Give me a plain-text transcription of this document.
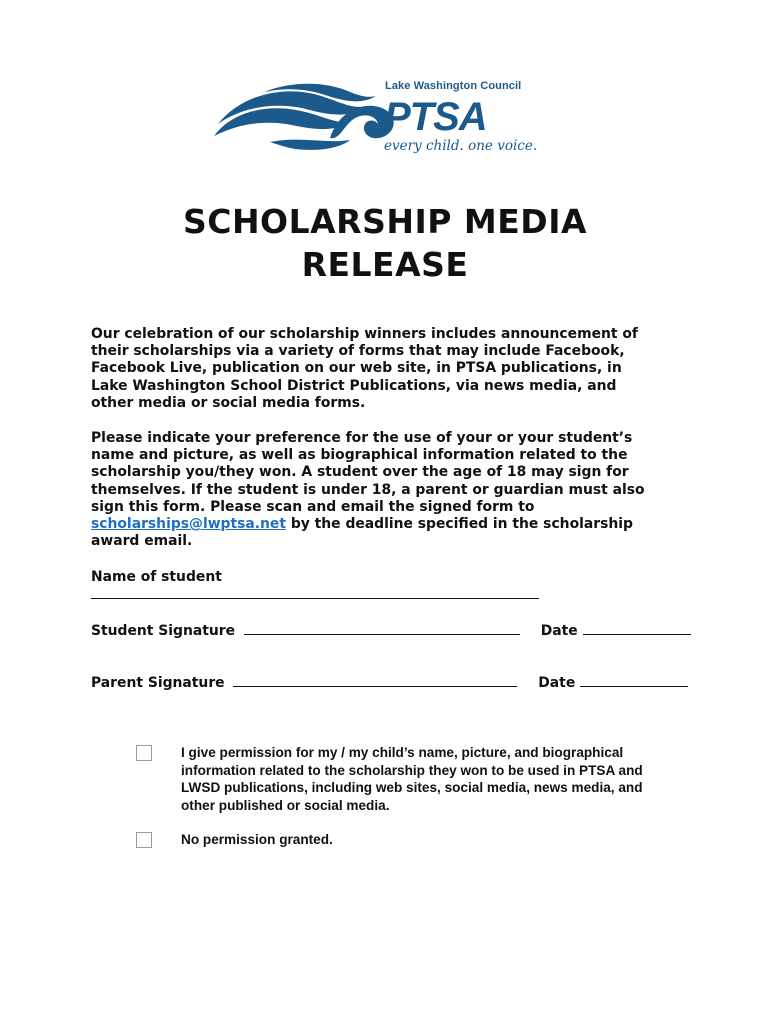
PTSA
Lake Washington Council
every child. one voice.
SCHOLARSHIP MEDIA
RELEASE
Our celebration of our scholarship winners includes announcement of
their scholarships via a variety of forms that may include Facebook,
Facebook Live, publication on our web site, in PTSA publications, in
Lake Washington School District Publications, via news media, and
other media or social media forms.
Please indicate your preference for the use of your or your student’s
name and picture, as well as biographical information related to the
scholarship you/they won. A student over the age of 18 may sign for
themselves. If the student is under 18, a parent or guardian must also
sign this form. Please scan and email the signed form to
scholarships@lwptsa.net by the deadline specified in the scholarship
award email.
Name of student
Student Signature	Date
Parent Signature	Date
I give permission for my / my child’s name, picture, and biographical
information related to the scholarship they won to be used in PTSA and
LWSD publications, including web sites, social media, news media, and
other published or social media.
No permission granted.
